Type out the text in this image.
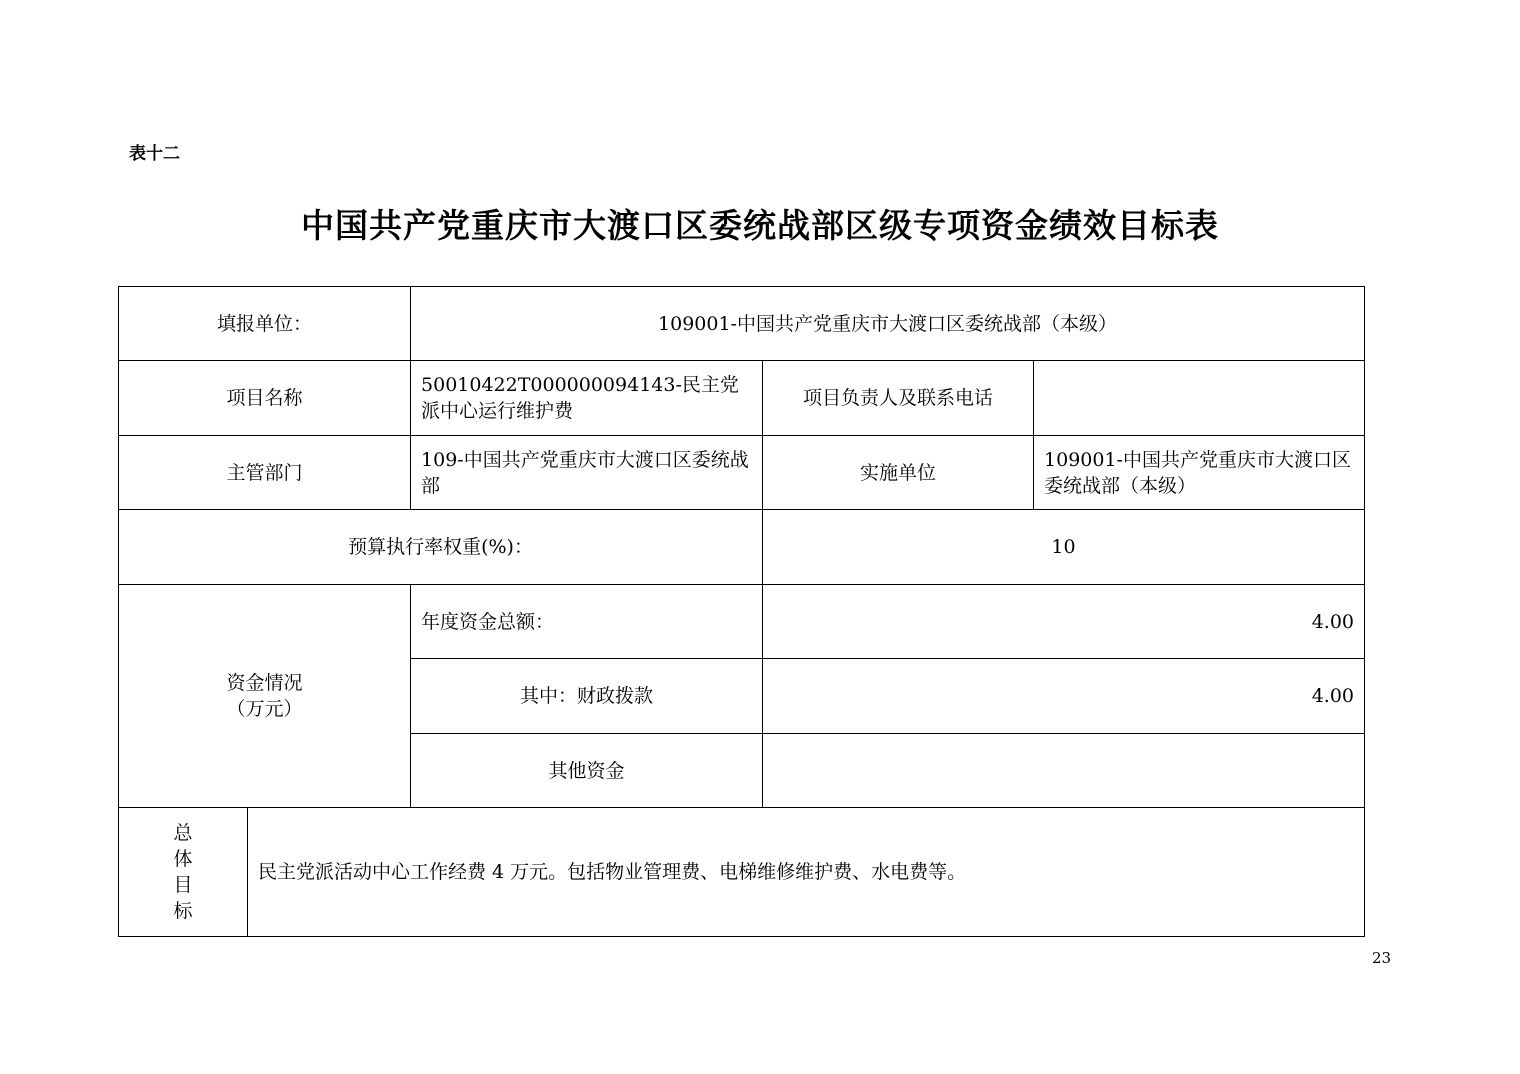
表十二
中国共产党重庆市大渡口区委统战部区级专项资金绩效目标表
填报单位：		109001-中国共产党重庆市大渡口区委统战部（本级）		
项目名称		50010422T000000094143-民主党派中心运行维护费	项目负责人及联系电话	
主管部门		109-中国共产党重庆市大渡口区委统战部	实施单位	109001-中国共产党重庆市大渡口区委统战部（本级）
预算执行率权重(%)：			10	

资金情况
（万元）		年度资金总额：	4.00	
		其中：财政拨款	4.00	
		其他资金		

总
体
目
标	民主党派活动中心工作经费 4 万元。包括物业管理费、电梯维修维护费、水电费等。			
23
